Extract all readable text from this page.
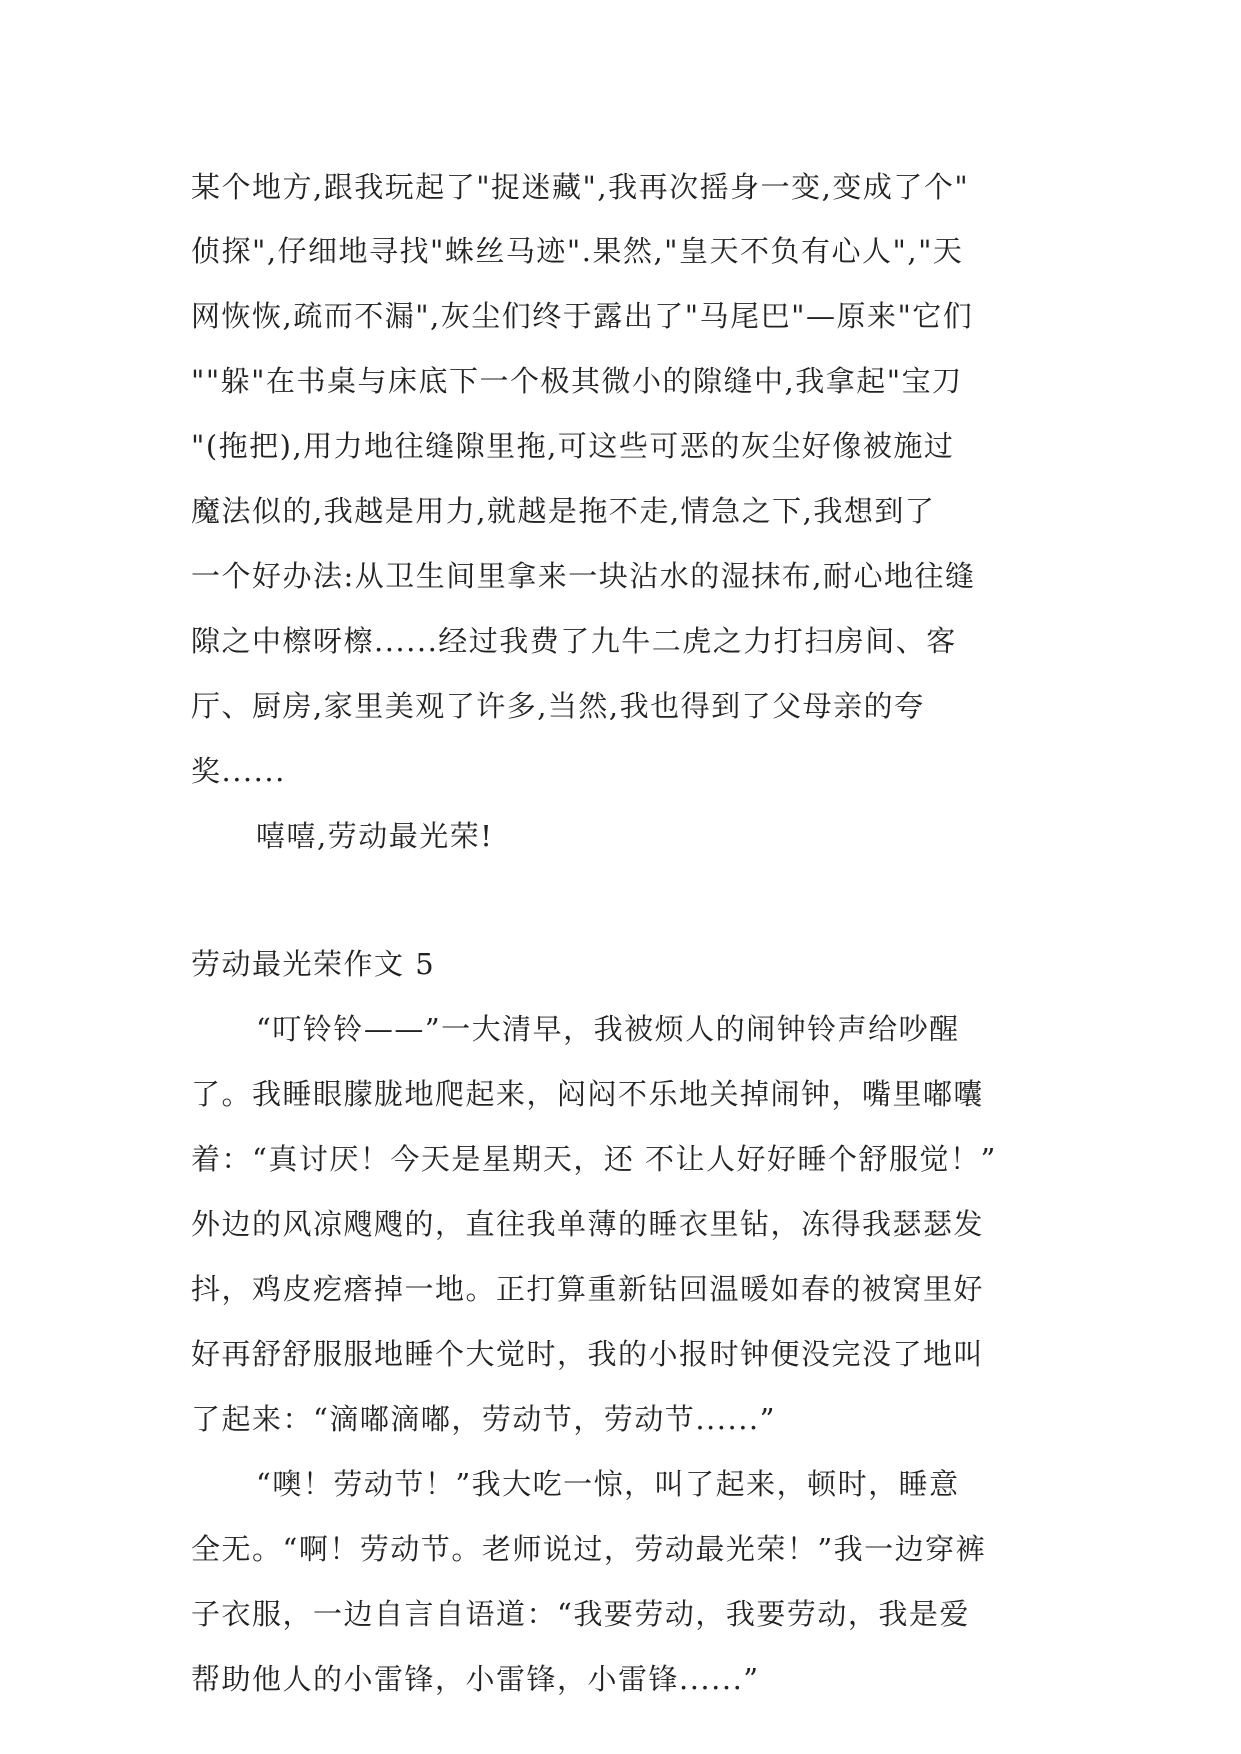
某个地方,跟我玩起了"捉迷藏",我再次摇身一变,变成了个"
侦探",仔细地寻找"蛛丝马迹".果然,"皇天不负有心人","天
网恢恢,疏而不漏",灰尘们终于露出了"马尾巴"—原来"它们
""躲"在书桌与床底下一个极其微小的隙缝中,我拿起"宝刀
"(拖把),用力地往缝隙里拖,可这些可恶的灰尘好像被施过
魔法似的,我越是用力,就越是拖不走,情急之下,我想到了
一个好办法:从卫生间里拿来一块沾水的湿抹布,耐心地往缝
隙之中檫呀檫......经过我费了九牛二虎之力打扫房间、客
厅、厨房,家里美观了许多,当然,我也得到了父母亲的夸
奖......
嘻嘻,劳动最光荣!
劳动最光荣作文 5
“叮铃铃——”一大清早，我被烦人的闹钟铃声给吵醒
了。我睡眼朦胧地爬起来，闷闷不乐地关掉闹钟，嘴里嘟囔
着：“真讨厌！今天是星期天，还 不让人好好睡个舒服觉！”
外边的风凉飕飕的，直往我单薄的睡衣里钻，冻得我瑟瑟发
抖，鸡皮疙瘩掉一地。正打算重新钻回温暖如春的被窝里好
好再舒舒服服地睡个大觉时，我的小报时钟便没完没了地叫
了起来：“滴嘟滴嘟，劳动节，劳动节......”
“噢！劳动节！”我大吃一惊，叫了起来，顿时，睡意
全无。“啊！劳动节。老师说过，劳动最光荣！”我一边穿裤
子衣服，一边自言自语道：“我要劳动，我要劳动，我是爱
帮助他人的小雷锋，小雷锋，小雷锋......”
